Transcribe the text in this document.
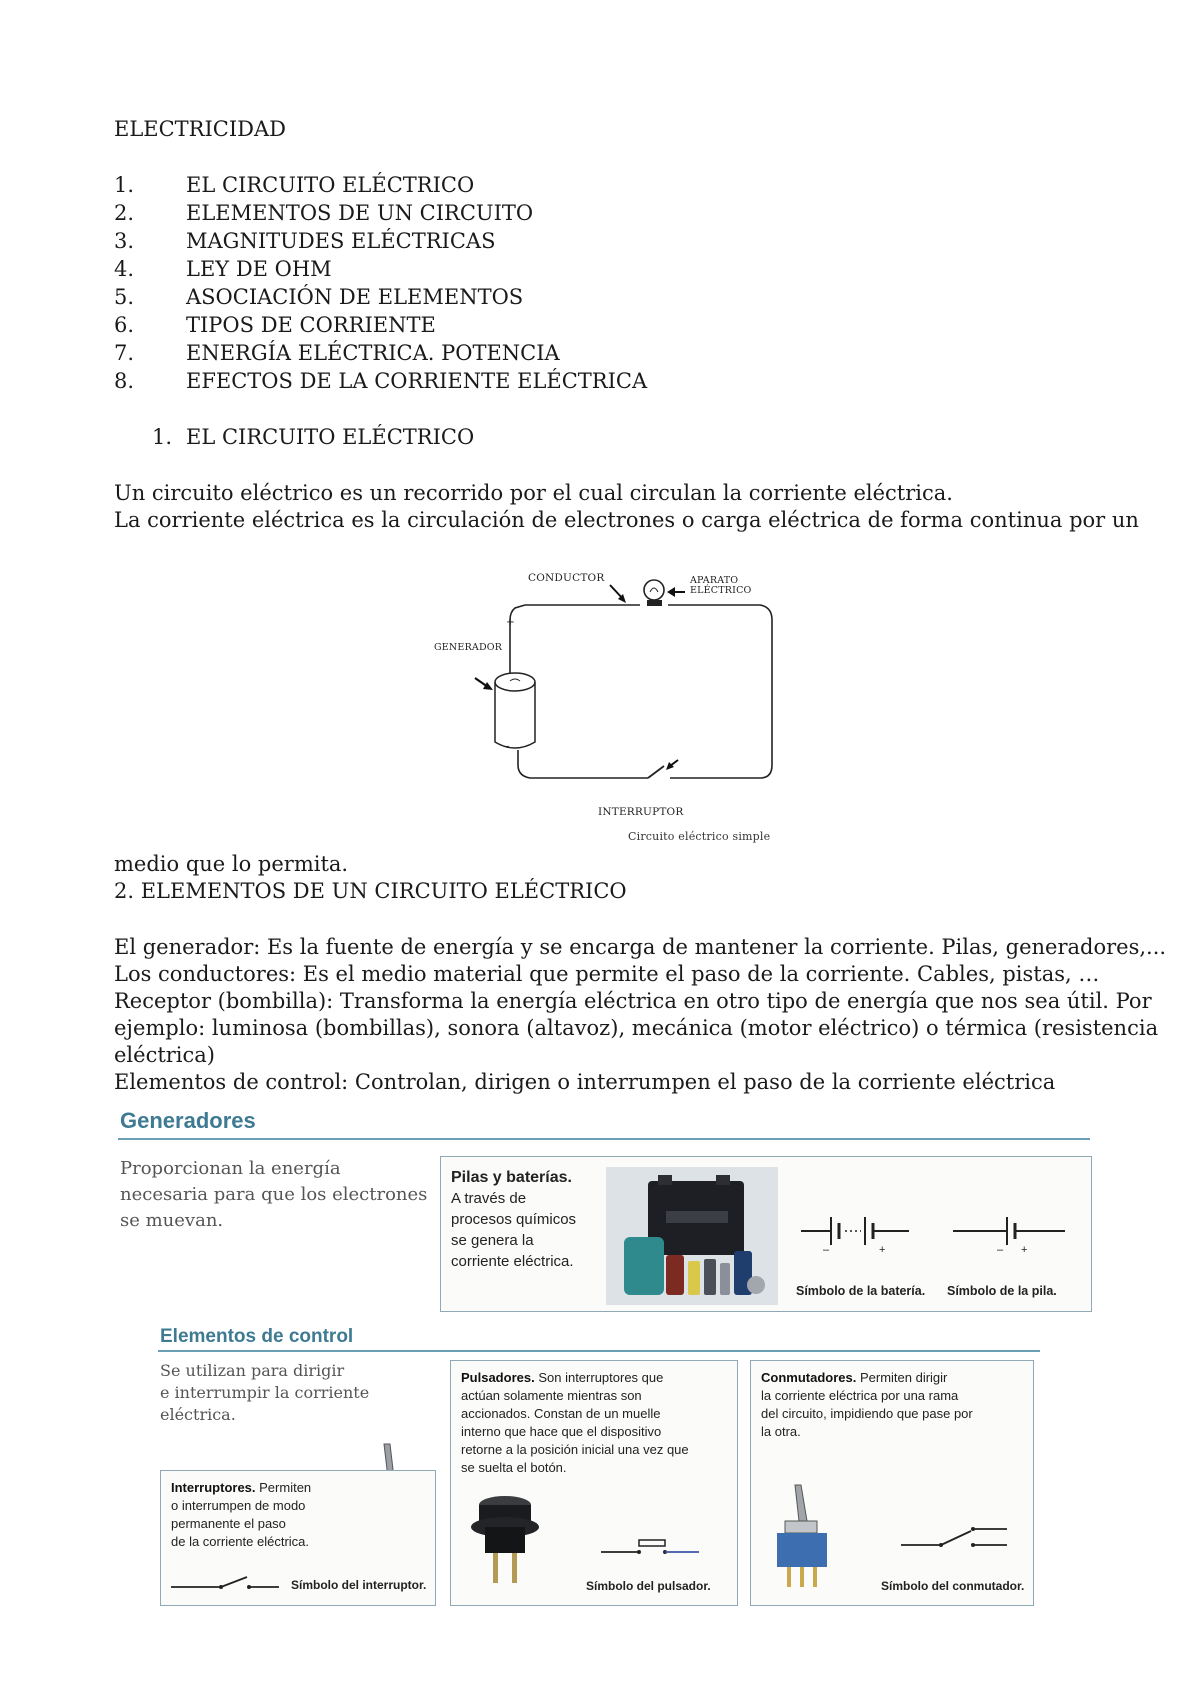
ELECTRICIDAD
1. EL CIRCUITO ELÉCTRICO
2. ELEMENTOS DE UN CIRCUITO
3. MAGNITUDES ELÉCTRICAS
4. LEY DE OHM
5. ASOCIACIÓN DE ELEMENTOS
6. TIPOS DE CORRIENTE
7. ENERGÍA ELÉCTRICA. POTENCIA
8. EFECTOS DE LA CORRIENTE ELÉCTRICA
1. EL CIRCUITO ELÉCTRICO
Un circuito eléctrico es un recorrido por el cual circulan la corriente eléctrica.
La corriente eléctrica es la circulación de electrones o carga eléctrica de forma continua por un
CONDUCTOR	APARATO
ELÉCTRICO
GENERADOR
+
–
INTERRUPTOR
Circuito eléctrico simple
medio que lo permita.
2. ELEMENTOS DE UN CIRCUITO ELÉCTRICO
El generador: Es la fuente de energía y se encarga de mantener la corriente. Pilas, generadores,...
Los conductores: Es el medio material que permite el paso de la corriente. Cables, pistas, …
Receptor (bombilla): Transforma la energía eléctrica en otro tipo de energía que nos sea útil. Por
ejemplo: luminosa (bombillas), sonora (altavoz), mecánica (motor eléctrico) o térmica (resistencia
eléctrica)
Elementos de control: Controlan, dirigen o interrumpen el paso de la corriente eléctrica
Generadores
Proporcionan la energía
necesaria para que los electrones
se muevan.
Pilas y baterías.
A través de
procesos químicos
se genera la
corriente eléctrica.
–	+	– +
Símbolo de la batería. Símbolo de la pila.
Elementos de control
Se utilizan para dirigir
e interrumpir la corriente
eléctrica.
Interruptores. Permiten
o interrumpen de modo
permanente el paso
de la corriente eléctrica.
Símbolo del interruptor.
Pulsadores. Son interruptores que
actúan solamente mientras son
accionados. Constan de un muelle
interno que hace que el dispositivo
retorne a la posición inicial una vez que
se suelta el botón.
Símbolo del pulsador.
Conmutadores. Permiten dirigir
la corriente eléctrica por una rama
del circuito, impidiendo que pase por
la otra.
Símbolo del conmutador.
